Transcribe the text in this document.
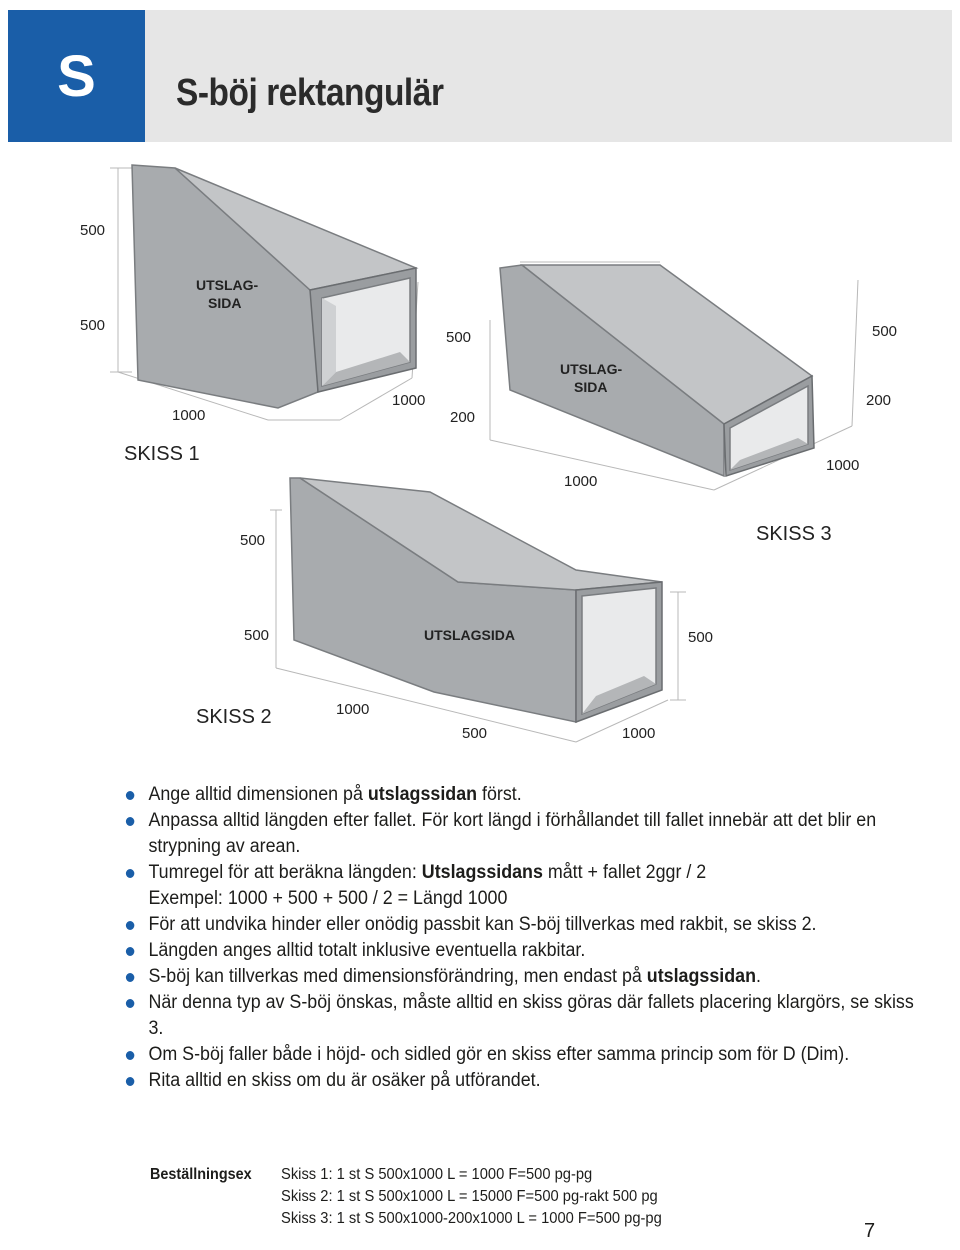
S	S-böj rektangulär
500
500
1000
1000
UTSLAG-
SIDA
SKISS 1
500
200
500
200
1000
1000
UTSLAG-
SIDA
SKISS 3
500
500	500
1000
500	1000
UTSLAGSIDA
SKISS 2
Ange alltid dimensionen på utslagssidan först.
Anpassa alltid längden efter fallet. För kort längd i förhållandet till fallet innebär att det blir en strypning av arean.
Tumregel för att beräkna längden: Utslagssidans mått + fallet 2ggr / 2
Exempel: 1000 + 500 + 500 / 2 = Längd 1000
För att undvika hinder eller onödig passbit kan S-böj tillverkas med rakbit, se skiss 2.
Längden anges alltid totalt inklusive eventuella rakbitar.
S-böj kan tillverkas med dimensionsförändring, men endast på utslagssidan.
När denna typ av S-böj önskas, måste alltid en skiss göras där fallets placering klargörs, se skiss 3.
Om S-böj faller både i höjd- och sidled gör en skiss efter samma princip som för D (Dim).
Rita alltid en skiss om du är osäker på utförandet.
Beställningsex Skiss 1: 1 st S 500x1000 L = 1000 F=500 pg-pg
Skiss 2: 1 st S 500x1000 L = 15000 F=500 pg-rakt 500 pg
Skiss 3: 1 st S 500x1000-200x1000 L = 1000 F=500 pg-pg
7
